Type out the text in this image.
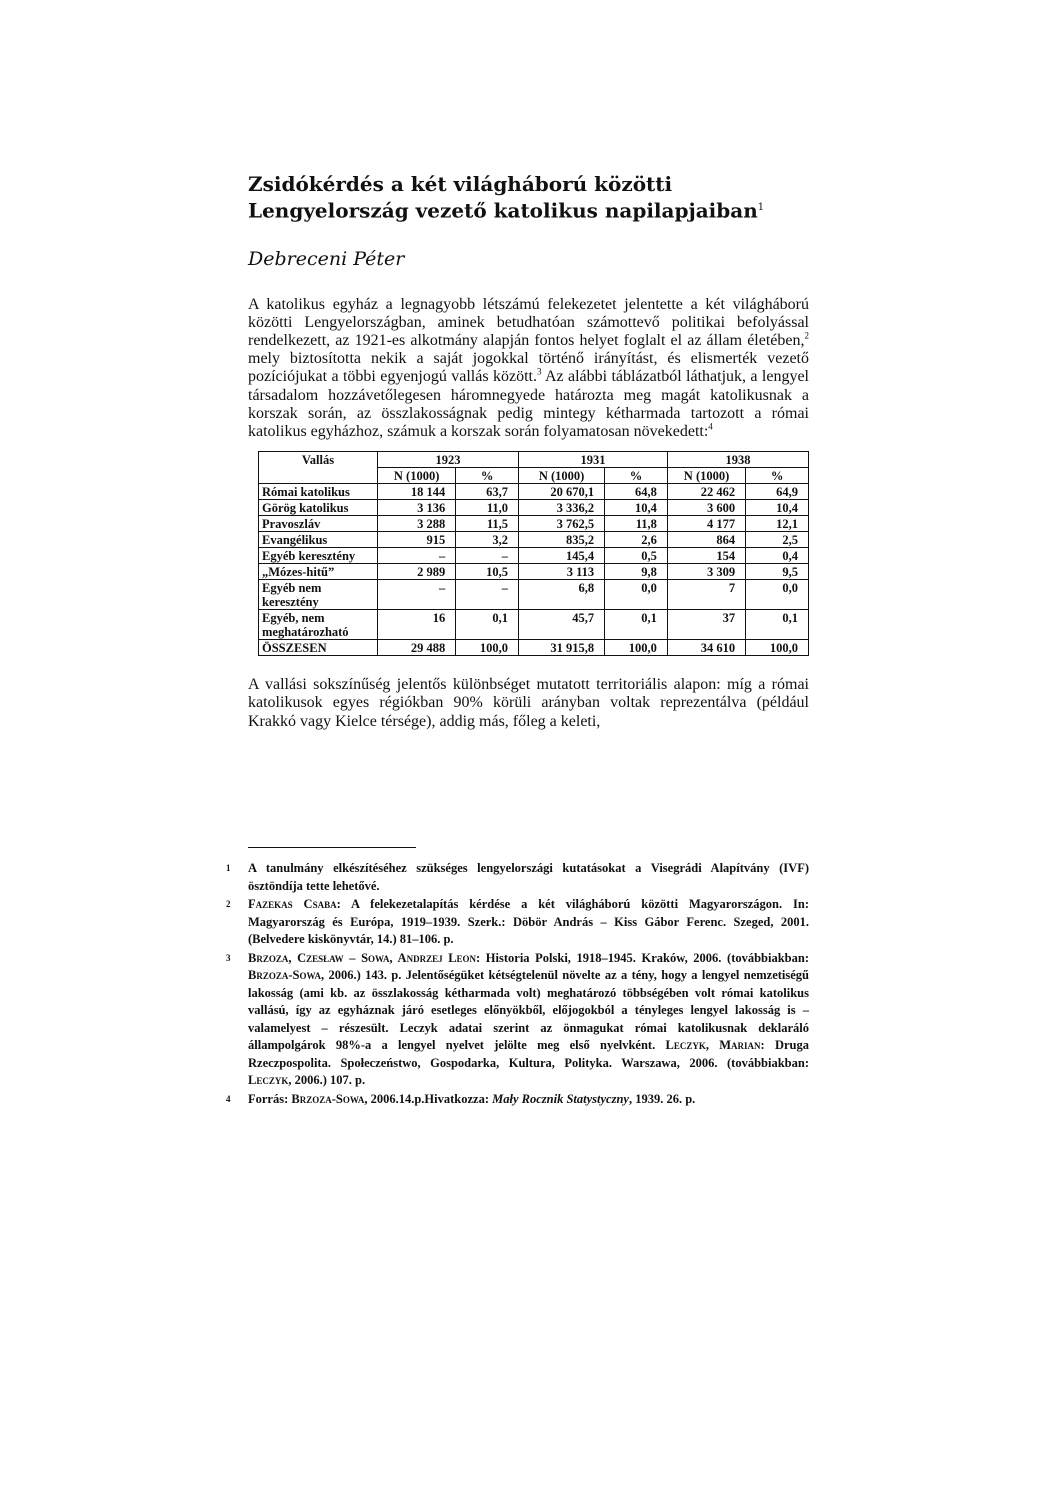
Zsidókérdés a két világháború közötti
Lengyelország vezető katolikus napilapjaiban$^1$
Debreceni Péter
A katolikus egyház a legnagyobb létszámú felekezetet jelentette a két világháború közötti Lengyelországban, aminek betudhatóan számottevő politikai befolyással rendelkezett, az 1921-es alkotmány alapján fontos helyet foglalt el az állam életében,$^2$ mely biztosította nekik a saját jogokkal történő irányítást, és elismerték vezető pozíciójukat a többi egyenjogú vallás között.$^3$ Az alábbi táblázatból láthatjuk, a lengyel társadalom hozzávetőlegesen háromnegyede határozta meg magát katolikusnak a korszak során, az összlakosságnak pedig mintegy kétharmada tartozott a római katolikus egyházhoz, számuk a korszak során folyamatosan növekedett:$^4$
Vallás	1923		1931		1938	
	N (1000)	%	N (1000)	%	N (1000)	%
Római katolikus	18 144	63,7	20 670,1	64,8	22 462	64,9
Görög katolikus	3 136	11,0	3 336,2	10,4	3 600	10,4
Pravoszláv	3 288	11,5	3 762,5	11,8	4 177	12,1
Evangélikus	915	3,2	835,2	2,6	864	2,5
Egyéb keresztény	–	–	145,4	0,5	154	0,4
„Mózes-hitű”	2 989	10,5	3 113	9,8	3 309	9,5
Egyéb nem keresztény	–	–	6,8	0,0	7	0,0
Egyéb, nem meghatározható	16	0,1	45,7	0,1	37	0,1
ÖSSZESEN	29 488	100,0	31 915,8	100,0	34 610	100,0
A vallási sokszínűség jelentős különbséget mutatott territoriális alapon: míg a római katolikusok egyes régiókban 90% körüli arányban voltak reprezentálva (például Krakkó vagy Kielce térsége), addig más, főleg a keleti,
1 A tanulmány elkészítéséhez szükséges lengyelországi kutatásokat a Visegrádi Alapítvány (IVF) ösztöndíja tette lehetővé.
2 Fazekas Csaba: A felekezetalapítás kérdése a két világháború közötti Magyarországon. In: Magyarország és Európa, 1919–1939. Szerk.: Döbör András – Kiss Gábor Ferenc. Szeged, 2001. (Belvedere kiskönyvtár, 14.) 81–106. p.
3 Brzoza, Czesław – Sowa, Andrzej Leon: Historia Polski, 1918–1945. Kraków, 2006. (továbbiakban: Brzoza-Sowa, 2006.) 143. p. Jelentőségüket kétségtelenül növelte az a tény, hogy a lengyel nemzetiségű lakosság (ami kb. az összlakosság kétharmada volt) meghatározó többségében volt római katolikus vallású, így az egyháznak járó esetleges előnyökből, előjogokból a tényleges lengyel lakosság is – valamelyest – részesült. Leczyk adatai szerint az önmagukat római katolikusnak deklaráló állampolgárok 98%-a a lengyel nyelvet jelölte meg első nyelvként. Leczyk, Marian: Druga Rzeczpospolita. Społeczeństwo, Gospodarka, Kultura, Polityka. Warszawa, 2006. (továbbiakban: Leczyk, 2006.) 107. p.
4 Forrás: Brzoza-Sowa, 2006.14.p.Hivatkozza: Mały Rocznik Statystyczny, 1939. 26. p.
